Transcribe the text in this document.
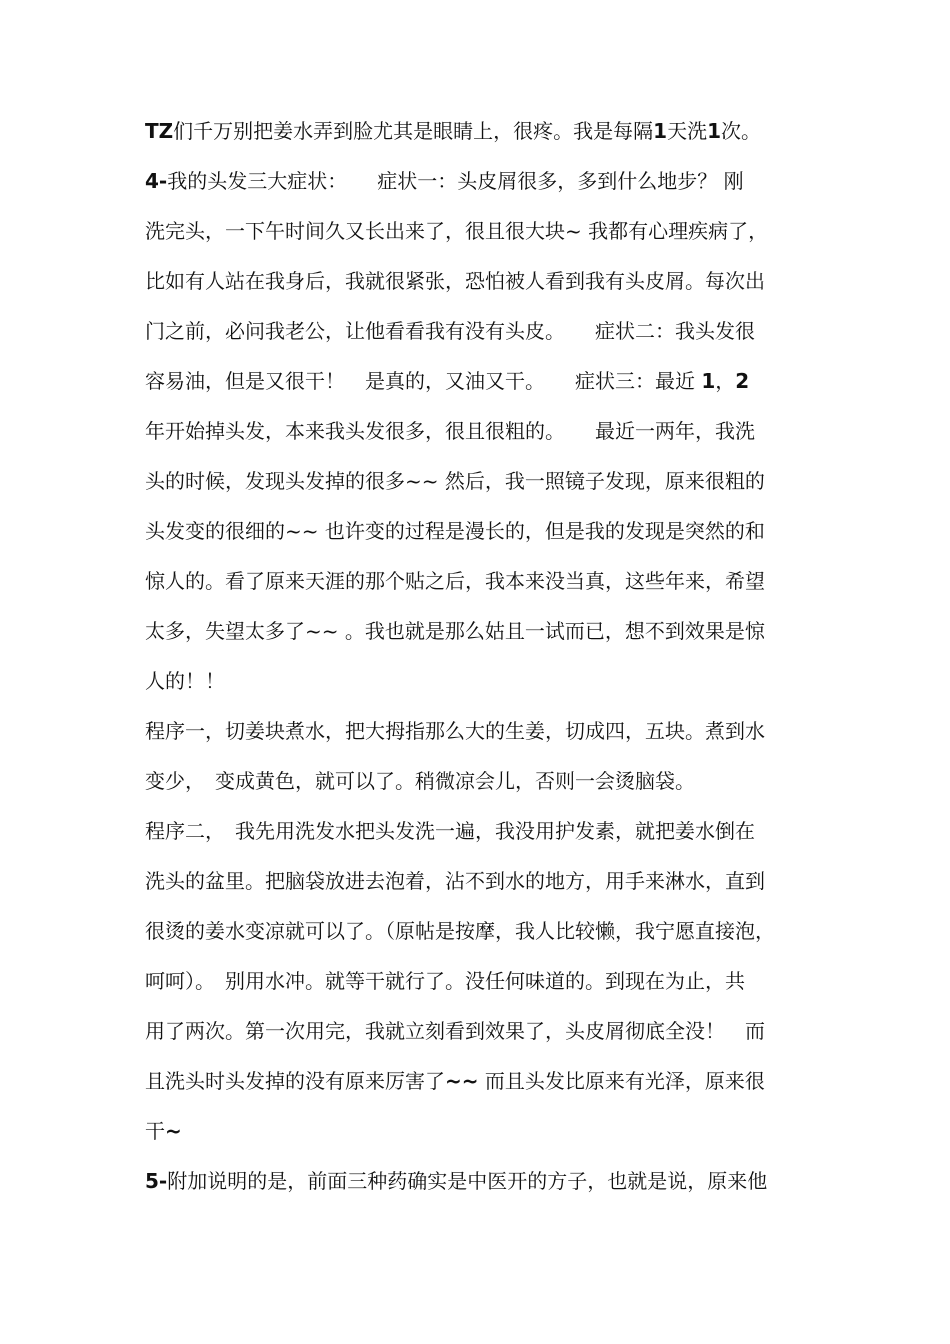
TZ们千万别把姜水弄到脸尤其是眼睛上，很疼。我是每隔1天洗1次。
4-我的头发三大症状：　　症状一：头皮屑很多，多到什么地步？ 刚
洗完头，一下午时间久又长出来了，很且很大块~ 我都有心理疾病了，
比如有人站在我身后，我就很紧张，恐怕被人看到我有头皮屑。每次出
门之前，必问我老公，让他看看我有没有头皮。　　症状二：我头发很
容易油，但是又很干！　是真的，又油又干。　　症状三：最近 1，2
年开始掉头发，本来我头发很多，很且很粗的。　　最近一两年，我洗
头的时候，发现头发掉的很多~~ 然后，我一照镜子发现，原来很粗的
头发变的很细的~~ 也许变的过程是漫长的，但是我的发现是突然的和
惊人的。看了原来天涯的那个贴之后，我本来没当真，这些年来，希望
太多，失望太多了~~ 。我也就是那么姑且一试而已，想不到效果是惊
人的！！
程序一，切姜块煮水，把大拇指那么大的生姜，切成四，五块。煮到水
变少，　变成黄色，就可以了。稍微凉会儿，否则一会烫脑袋。
程序二，　我先用洗发水把头发洗一遍，我没用护发素，就把姜水倒在
洗头的盆里。把脑袋放进去泡着，沾不到水的地方，用手来淋水，直到
很烫的姜水变凉就可以了。（原帖是按摩，我人比较懒，我宁愿直接泡，
呵呵）。　别用水冲。就等干就行了。没任何味道的。到现在为止，共
用了两次。第一次用完，我就立刻看到效果了，头皮屑彻底全没！　而
且洗头时头发掉的没有原来厉害了~~ 而且头发比原来有光泽，原来很
干~
5-附加说明的是，前面三种药确实是中医开的方子，也就是说，原来他
